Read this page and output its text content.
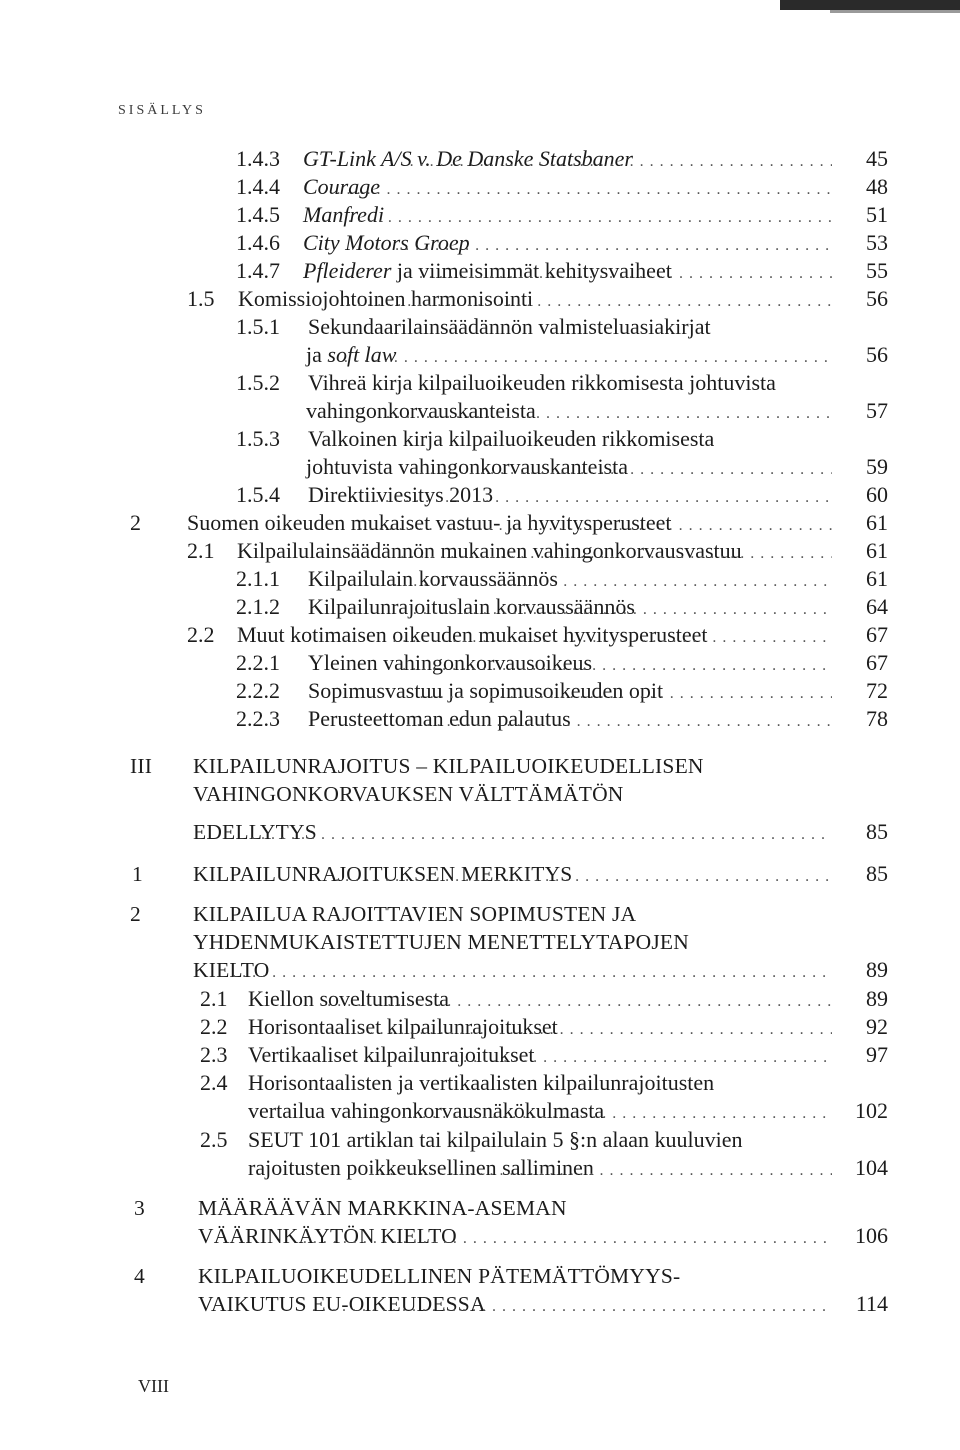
SISÄLLYS
45
1.4.3 GT-Link A/S v. De Danske Statsbaner
. . .
48
1.4.4 Courage
. . .
51
1.4.5 Manfredi
. . .
53
1.4.6 City Motors Groep
. . .
55
1.4.7 Pfleiderer ja viimeisimmät kehitysvaiheet
. . .
56
1.5 Komissiojohtoinen harmonisointi
. . .
1.5.1 Sekundaarilainsäädännön valmisteluasiakirjat
56
ja soft law
. . .
1.5.2 Vihreä kirja kilpailuoikeuden rikkomisesta johtuvista
57
vahingonkorvauskanteista
. . .
1.5.3 Valkoinen kirja kilpailuoikeuden rikkomisesta
59
johtuvista vahingonkorvauskanteista
. . .
60
1.5.4 Direktiiviesitys 2013
. . .
61
2 Suomen oikeuden mukaiset vastuu- ja hyvitysperusteet
. . .
61
2.1 Kilpailulainsäädännön mukainen vahingonkorvausvastuu
. . .
61
2.1.1 Kilpailulain korvaussäännös
. . .
64
2.1.2 Kilpailunrajoituslain korvaussäännös
. . .
67
2.2 Muut kotimaisen oikeuden mukaiset hyvitysperusteet
. . .
67
2.2.1 Yleinen vahingonkorvausoikeus
. . .
72
2.2.2 Sopimusvastuu ja sopimusoikeuden opit
. . .
78
2.2.3 Perusteettoman edun palautus
. . .
III KILPAILUNRAJOITUS – KILPAILUOIKEUDELLISEN
VAHINGONKORVAUKSEN VÄLTTÄMÄTÖN
85
EDELLYTYS
. . .
85
1 KILPAILUNRAJOITUKSEN MERKITYS
. . .
2 KILPAILUA RAJOITTAVIEN SOPIMUSTEN JA
YHDENMUKAISTETTUJEN MENETTELYTAPOJEN
89
KIELTO
. . .
89
2.1 Kiellon soveltumisesta
. . .
92
2.2 Horisontaaliset kilpailunrajoitukset
. . .
97
2.3 Vertikaaliset kilpailunrajoitukset
. . .
2.4 Horisontaalisten ja vertikaalisten kilpailunrajoitusten
102
vertailua vahingonkorvausnäkökulmasta
. . .
2.5 SEUT 101 artiklan tai kilpailulain 5 §:n alaan kuuluvien
104
rajoitusten poikkeuksellinen salliminen
. . .
3 MÄÄRÄÄVÄN MARKKINA-ASEMAN
106
VÄÄRINKÄYTÖN KIELTO
. . .
4 KILPAILUOIKEUDELLINEN PÄTEMÄTTÖMYYS-
114
VAIKUTUS EU-OIKEUDESSA
. . .
VIII
